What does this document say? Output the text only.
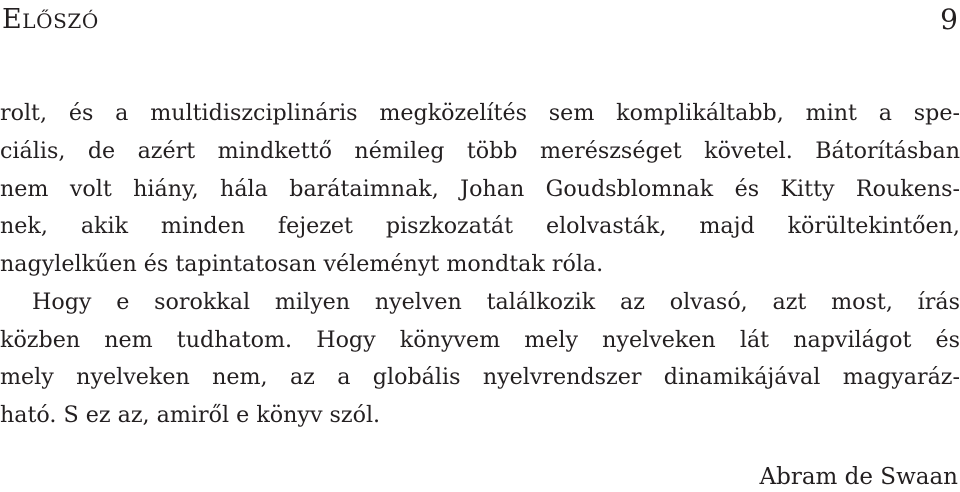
ELŐSZÓ	9
rolt, és a multidiszciplináris megközelítés sem komplikáltabb, mint a spe-
ciális, de azért mindkettő némileg több merészséget követel. Bátorításban
nem volt hiány, hála barátaimnak, Johan Goudsblomnak és Kitty Roukens-
nek, akik minden fejezet piszkozatát elolvasták, majd körültekintően,
nagylelkűen és tapintatosan véleményt mondtak róla.
Hogy e sorokkal milyen nyelven találkozik az olvasó, azt most, írás
közben nem tudhatom. Hogy könyvem mely nyelveken lát napvilágot és
mely nyelveken nem, az a globális nyelvrendszer dinamikájával magyaráz-
ható. S ez az, amiről e könyv szól.
Abram de Swaan
